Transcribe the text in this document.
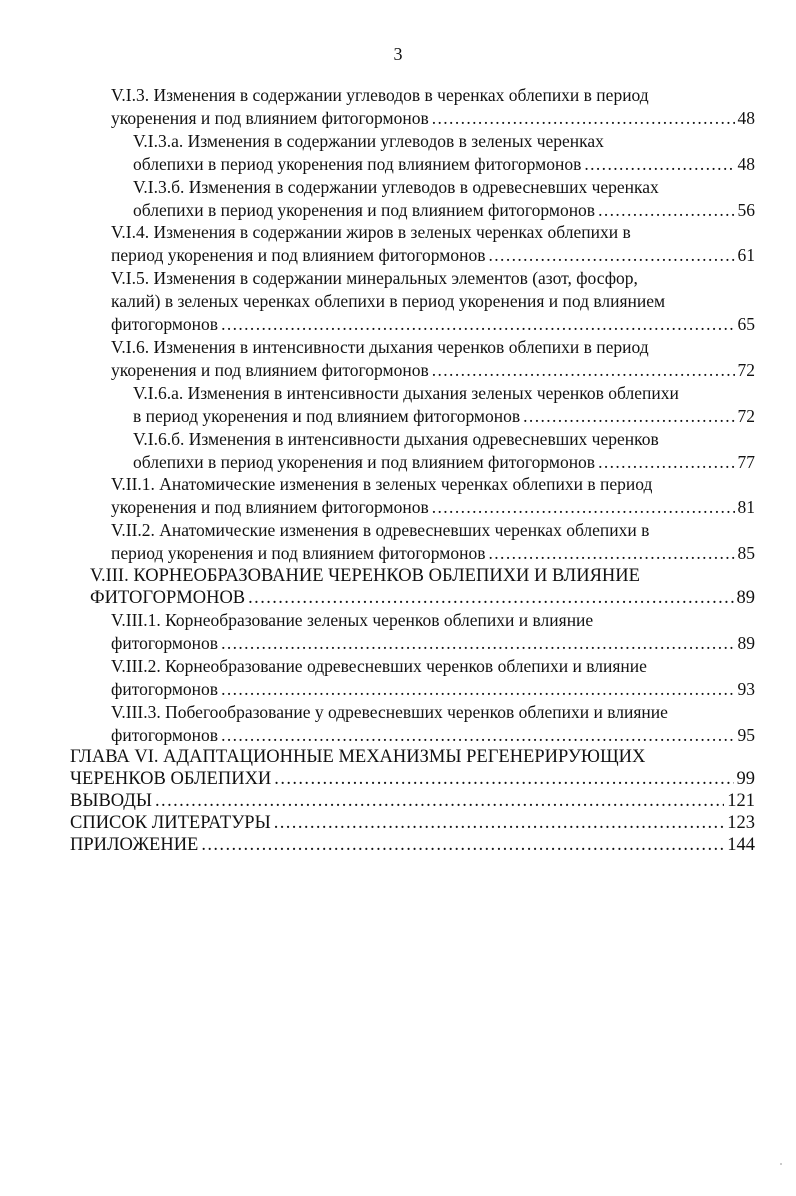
3
V.I.3. Изменения в содержании углеводов в черенках облепихи в период
укоренения и под влиянием фитогормонов .....	48
V.I.3.а. Изменения в содержании углеводов в зеленых черенках
облепихи в период укоренения под влиянием фитогормонов .....	48
V.I.3.б. Изменения в содержании углеводов в одревесневших черенках
облепихи в период укоренения и под влиянием фитогормонов .....	56
V.I.4. Изменения в содержании жиров в зеленых черенках облепихи в
период укоренения и под влиянием фитогормонов .....	61
V.I.5. Изменения в содержании минеральных элементов (азот, фосфор,
калий) в зеленых черенках облепихи в период укоренения и под влиянием
фитогормонов .....	65
V.I.6. Изменения в интенсивности дыхания черенков облепихи в период
укоренения и под влиянием фитогормонов .....	72
V.I.6.а. Изменения в интенсивности дыхания зеленых черенков облепихи
в период укоренения и под влиянием фитогормонов .....	72
V.I.6.б. Изменения в интенсивности дыхания одревесневших черенков
облепихи в период укоренения и под влиянием фитогормонов .....	77
V.II.1. Анатомические изменения в зеленых черенках облепихи в период
укоренения и под влиянием фитогормонов .....	81
V.II.2. Анатомические изменения в одревесневших черенках облепихи в
период укоренения и под влиянием фитогормонов .....	85
V.III. КОРНЕОБРАЗОВАНИЕ ЧЕРЕНКОВ ОБЛЕПИХИ И ВЛИЯНИЕ
ФИТОГОРМОНОВ .....	89
V.III.1. Корнеобразование зеленых черенков облепихи и влияние
фитогормонов .....	89
V.III.2. Корнеобразование одревесневших черенков облепихи и влияние
фитогормонов .....	93
V.III.3. Побегообразование у одревесневших черенков облепихи и влияние
фитогормонов .....	95
ГЛАВА VI. АДАПТАЦИОННЫЕ МЕХАНИЗМЫ РЕГЕНЕРИРУЮЩИХ
ЧЕРЕНКОВ ОБЛЕПИХИ .....	99
ВЫВОДЫ .....	121
СПИСОК ЛИТЕРАТУРЫ .....	123
ПРИЛОЖЕНИЕ .....	144
